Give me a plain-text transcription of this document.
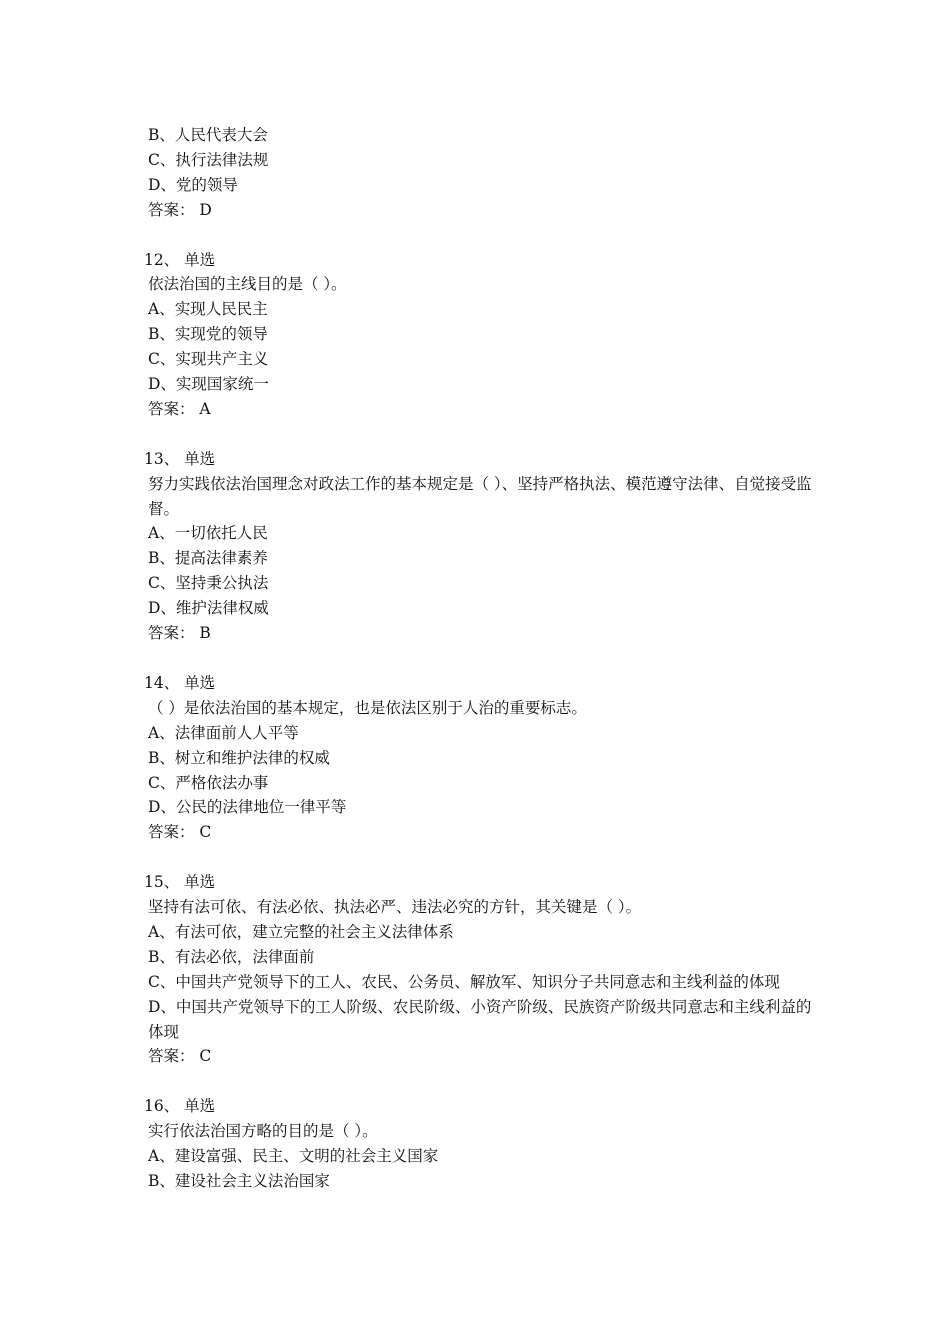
B、人民代表大会
C、执行法律法规
D、党的领导
答案： D
12、 单选
依法治国的主线目的是（ ）。
A、实现人民民主
B、实现党的领导
C、实现共产主义
D、实现国家统一
答案： A
13、 单选
努力实践依法治国理念对政法工作的基本规定是（ ）、坚持严格执法、模范遵守法律、自觉接受监督。
A、一切依托人民
B、提高法律素养
C、坚持秉公执法
D、维护法律权威
答案： B
14、 单选
（ ）是依法治国的基本规定，也是依法区别于人治的重要标志。
A、法律面前人人平等
B、树立和维护法律的权威
C、严格依法办事
D、公民的法律地位一律平等
答案： C
15、 单选
坚持有法可依、有法必依、执法必严、违法必究的方针，其关键是（ ）。
A、有法可依，建立完整的社会主义法律体系
B、有法必依，法律面前
C、中国共产党领导下的工人、农民、公务员、解放军、知识分子共同意志和主线利益的体现
D、中国共产党领导下的工人阶级、农民阶级、小资产阶级、民族资产阶级共同意志和主线利益的体现
答案： C
16、 单选
实行依法治国方略的目的是（ ）。
A、建设富强、民主、文明的社会主义国家
B、建设社会主义法治国家
